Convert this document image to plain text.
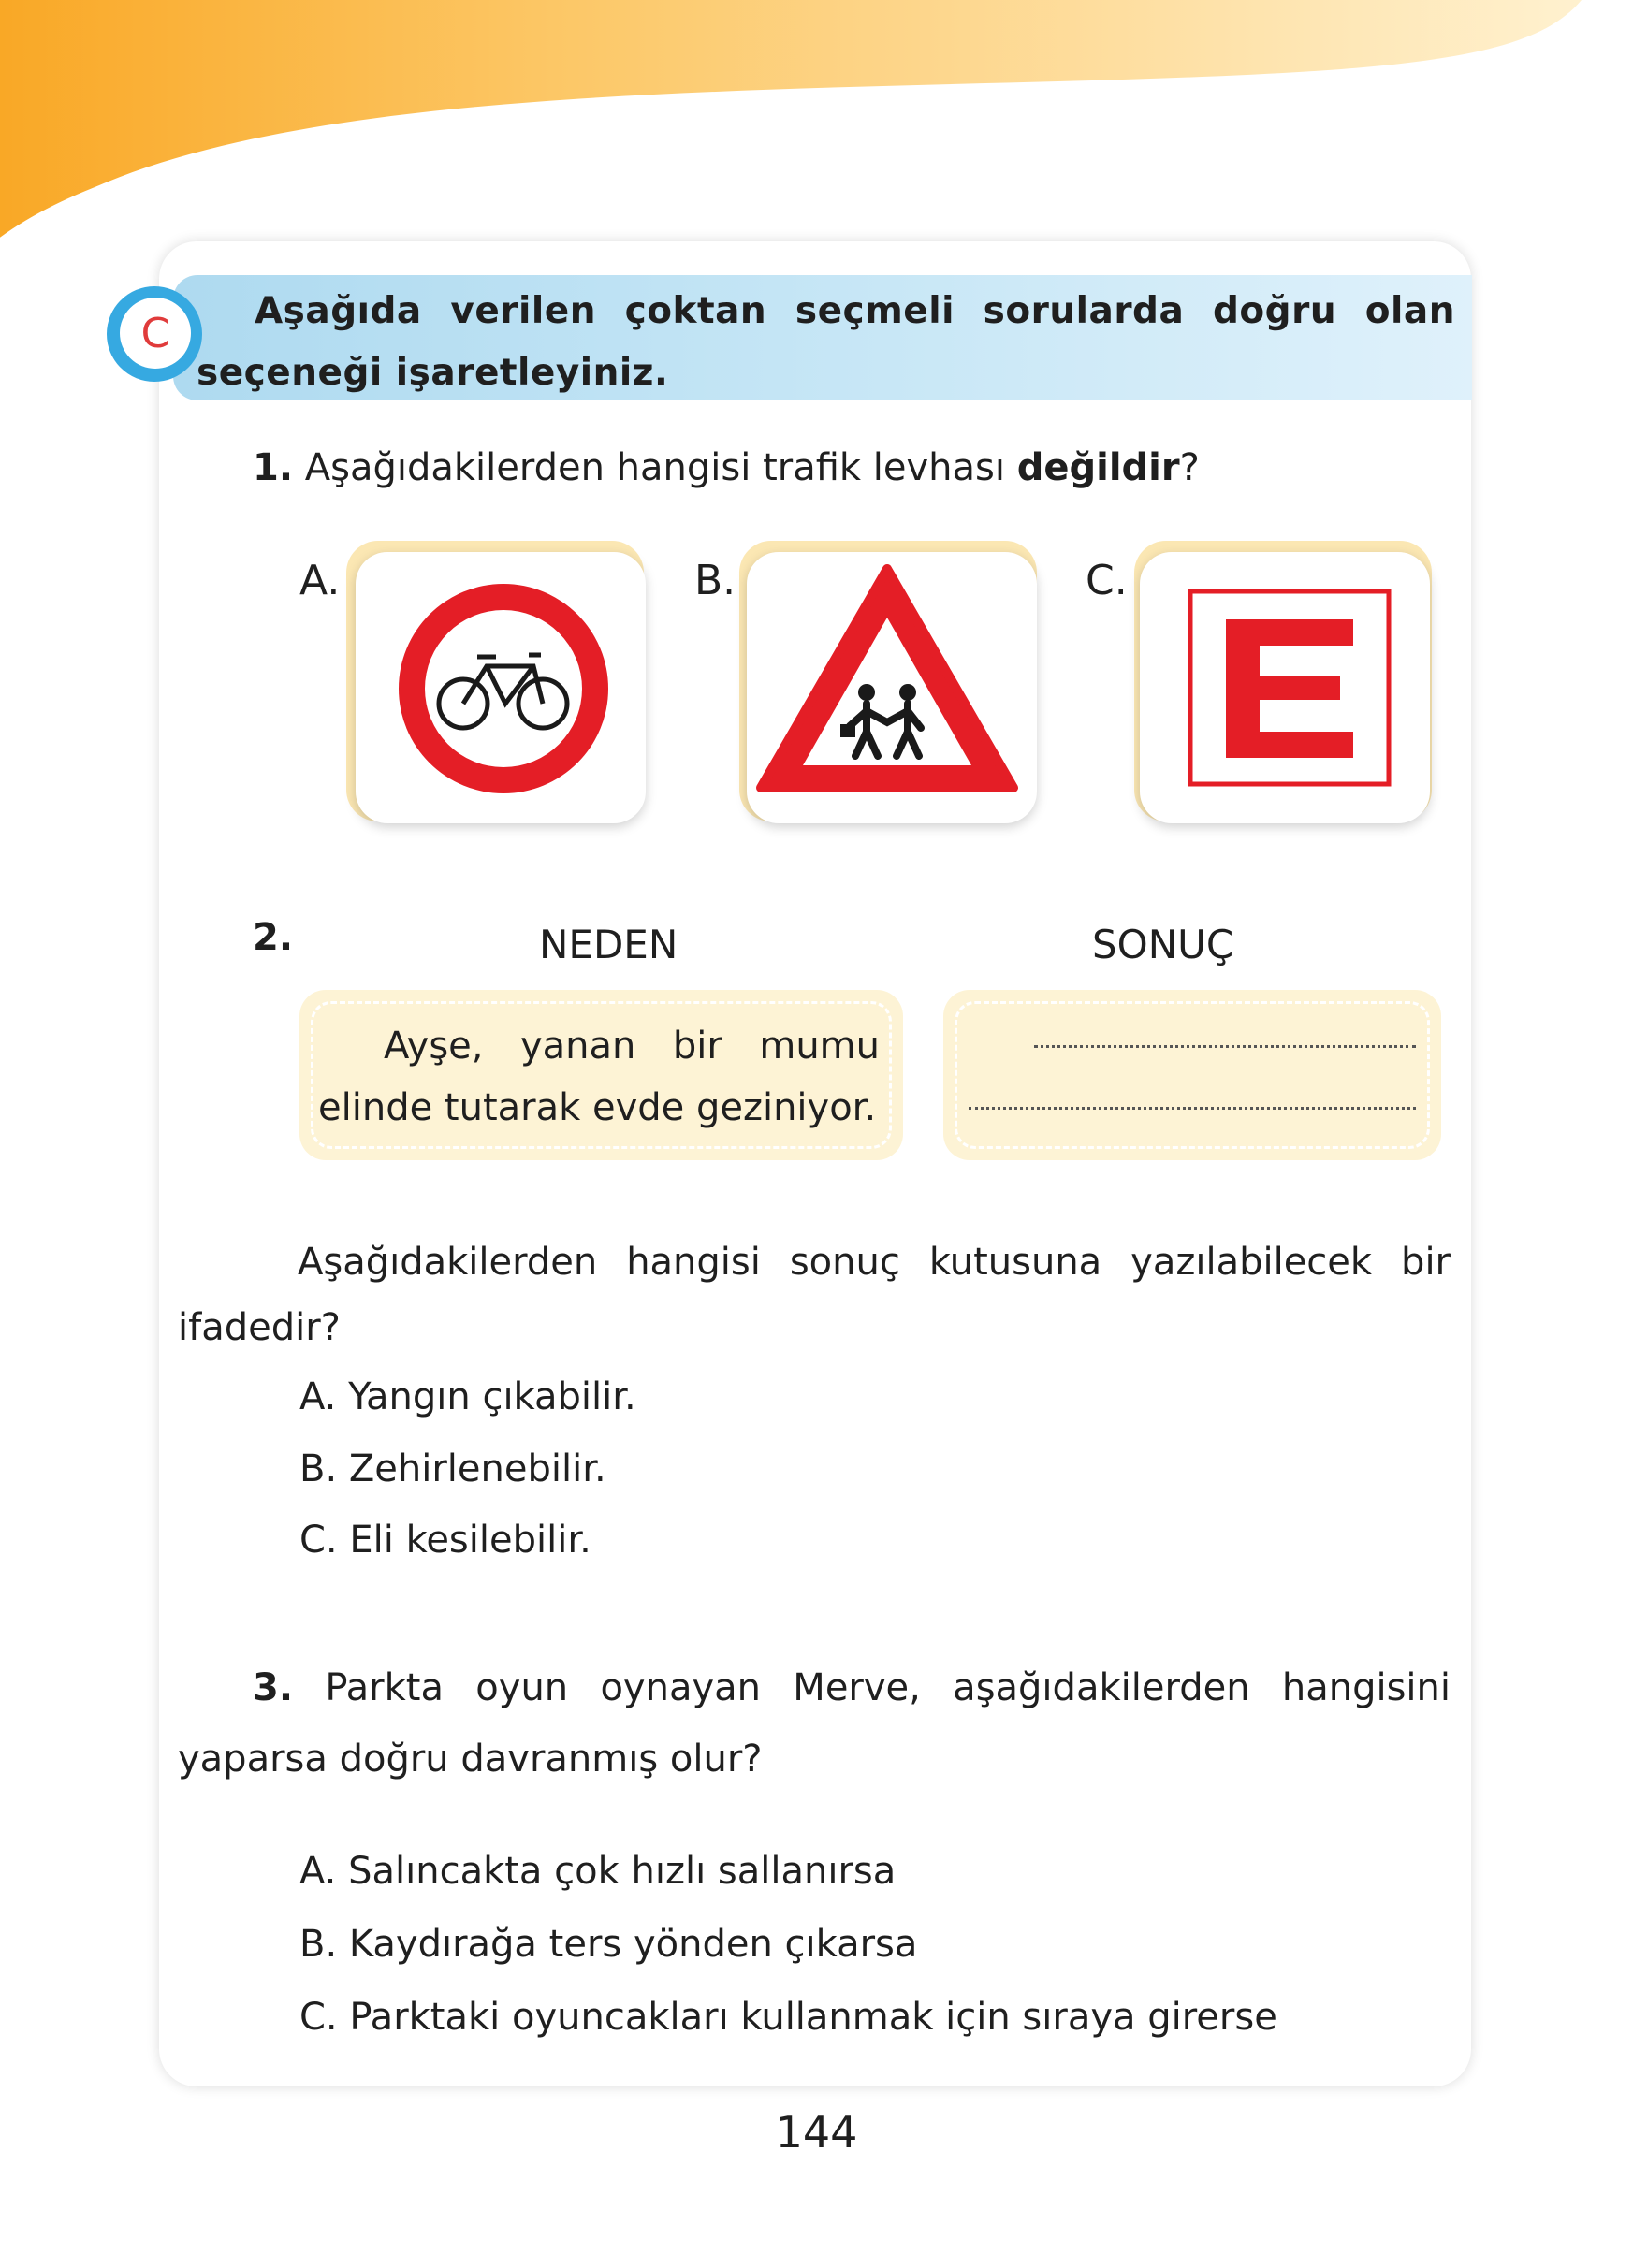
C	Aşağıda verilen çoktan seçmeli sorularda doğru olan seçeneği işaretleyiniz.
1. Aşağıdakilerden hangisi trafik levhası değildir?
A.	B.	C.
2.	NEDEN	SONUÇ
Ayşe, yanan bir mumu elinde tutarak evde geziniyor.
Aşağıdakilerden hangisi sonuç kutusuna yazılabilecek bir ifadedir?
A. Yangın çıkabilir.
B. Zehirlenebilir.
C. Eli kesilebilir.
3. Parkta oyun oynayan Merve, aşağıdakilerden hangisini yaparsa doğru davranmış olur?
A. Salıncakta çok hızlı sallanırsa
B. Kaydırağa ters yönden çıkarsa
C. Parktaki oyuncakları kullanmak için sıraya girerse
144
